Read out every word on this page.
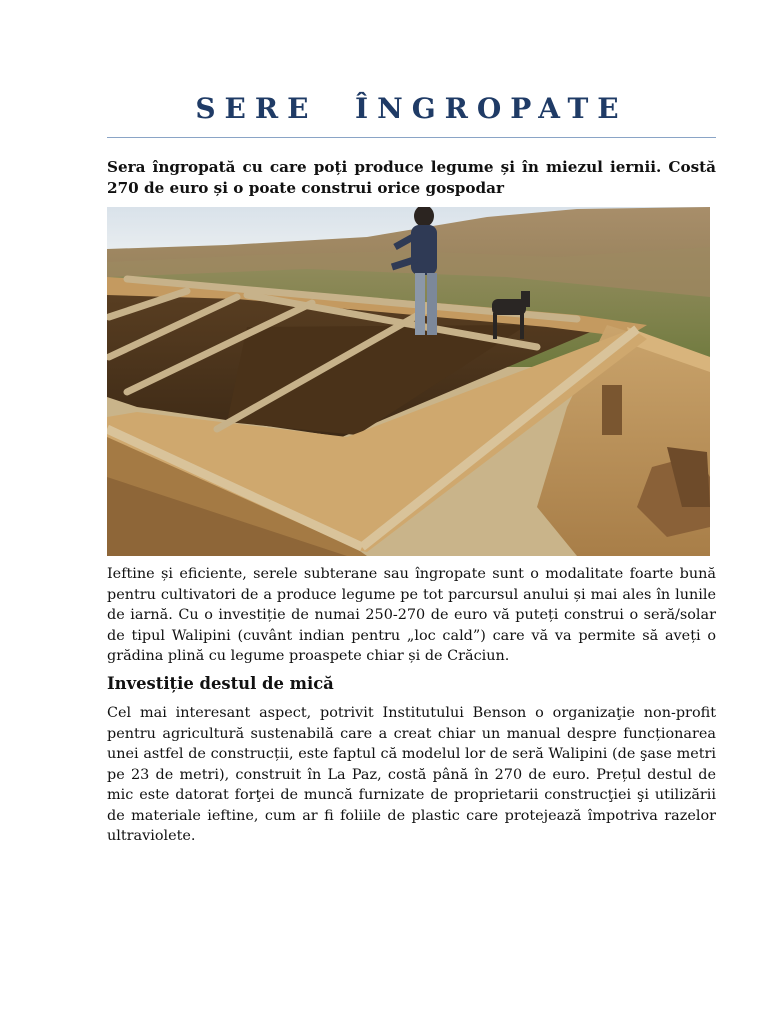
SERE  ÎNGROPATE
Sera îngropată cu care poți produce legume și în miezul iernii. Costă 270 de euro și o poate construi orice gospodar
Ieftine și eficiente, serele subterane sau îngropate sunt o modalitate foarte bună pentru cultivatori de a produce legume pe tot parcursul anului și mai ales în lunile de iarnă. Cu o investiție de numai 250-270 de euro vă puteți construi o seră/solar de tipul Walipini (cuvânt indian pentru „loc cald”) care vă va permite să aveți o grădina plină cu legume proaspete chiar și de Crăciun.
Investiție destul de mică
Cel mai interesant aspect, potrivit Institutului Benson o organizaţie non-profit pentru agricultură sustenabilă care a creat chiar un manual despre funcționarea unei astfel de construcții, este faptul că modelul lor de seră Walipini (de şase metri pe 23 de metri), construit în La Paz, costă până în 270 de euro. Prețul destul de mic este datorat forţei de muncă furnizate de proprietarii construcţiei şi utilizării de materiale ieftine, cum ar fi foliile de plastic care protejează împotriva razelor ultraviolete.
